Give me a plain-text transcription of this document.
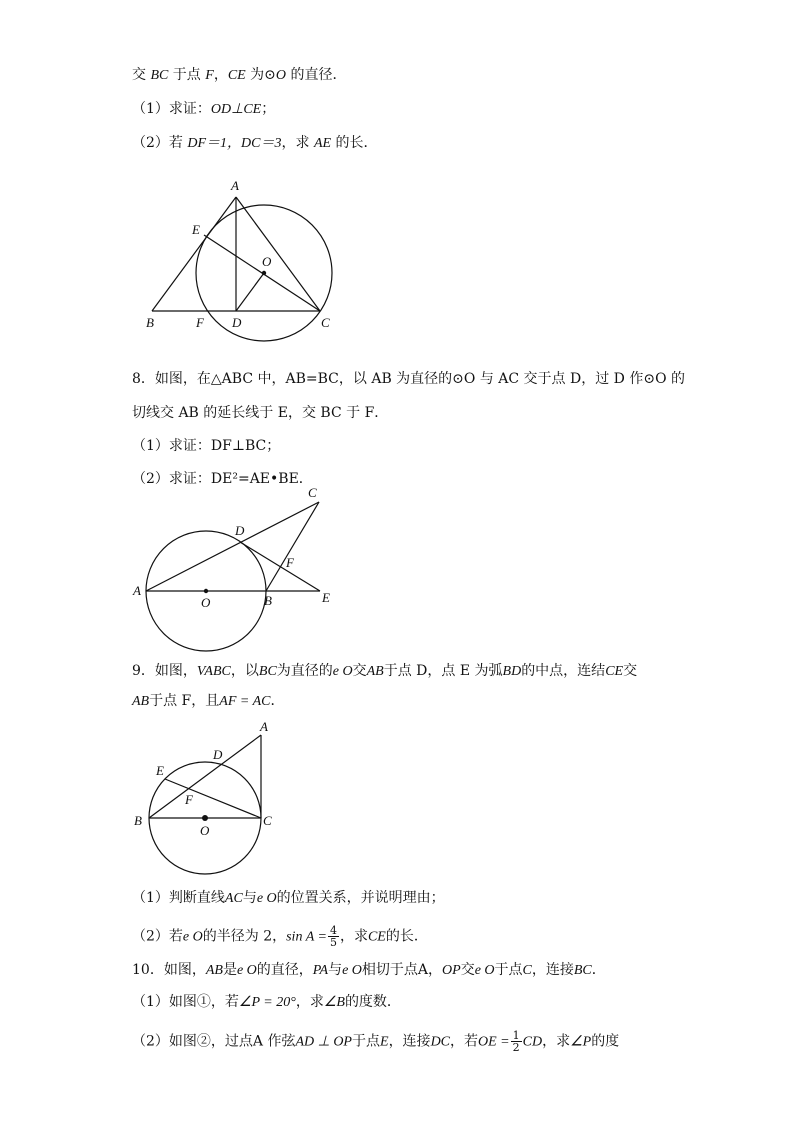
交 BC 于点 F，CE 为⊙O 的直径．
（1）求证：OD⊥CE；
（2）若 DF＝1，DC＝3，求 AE 的长．
A
E
O
B	F D	C
8．如图，在△ABC 中，AB=BC，以 AB 为直径的⊙O 与 AC 交于点 D，过 D 作⊙O 的
切线交 AB 的延长线于 E，交 BC 于 F．
（1）求证：DF⊥BC；
（2）求证：DE²=AE•BE．
C
D
F
A
O	B	E
9．如图，VABC，以BC为直径的e O交AB于点 D，点 E 为弧BD的中点，连结CE交
AB于点 F，且AF = AC．
A
D
E
F
B
O
C
（1）判断直线AC与e O的位置关系，并说明理由；
（2）若e O的半径为 2，$\sin A = \frac{4}{5}$ ，求CE的长．
10．如图，AB是e O的直径，PA与e O相切于点A，OP交e O于点C，连接BC．
（1）如图①，若∠P = 20°，求∠B的度数．
（2）如图②，过点A 作弦AD ⊥ OP于点E，连接DC，若OE = $\frac{1}{2}$ CD，求∠P的度
